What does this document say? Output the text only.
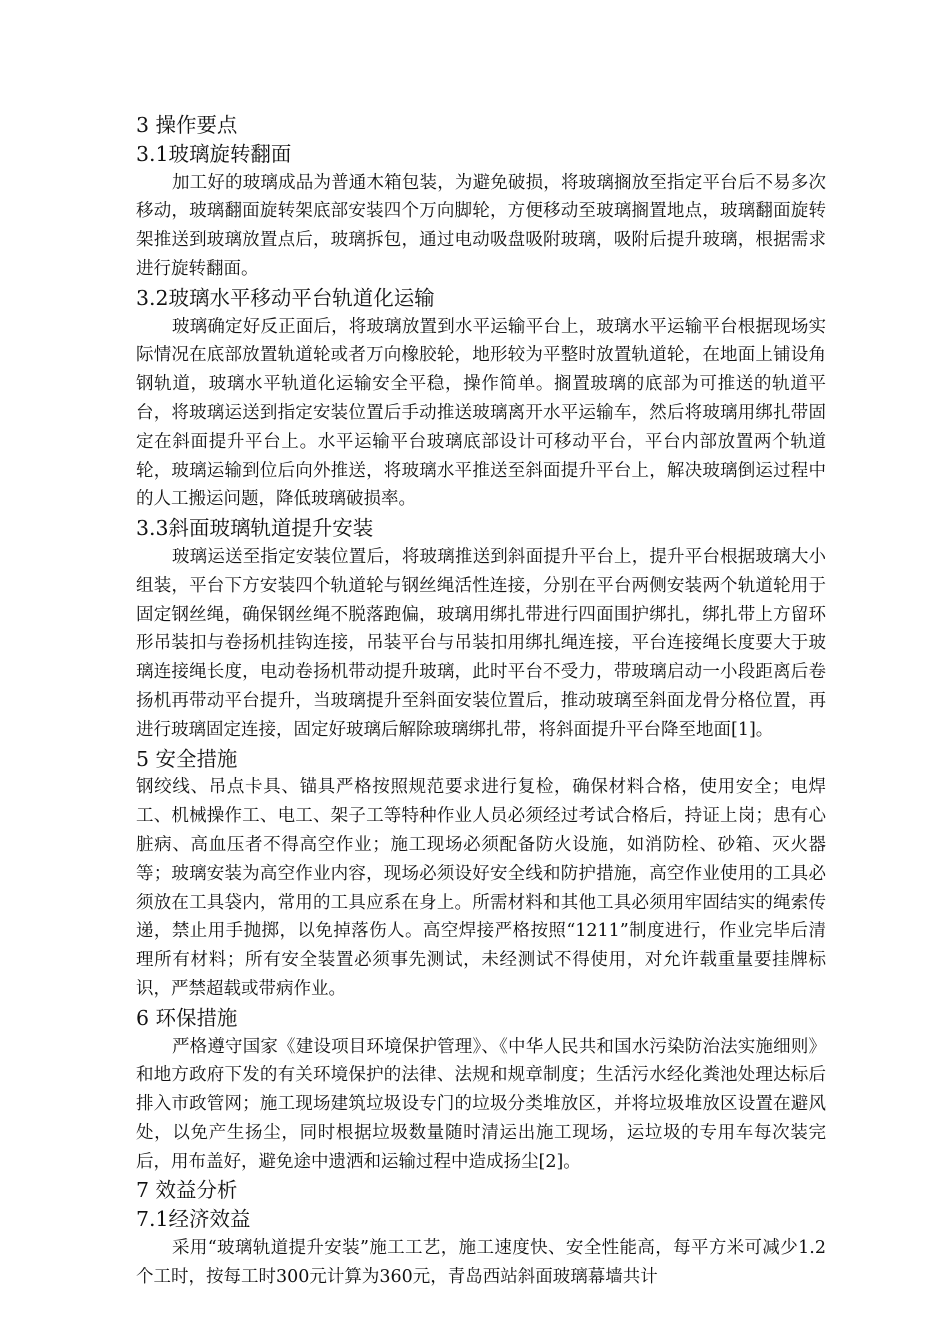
3 操作要点
3.1玻璃旋转翻面

加工好的玻璃成品为普通木箱包装，为避免破损，将玻璃搁放至指定平台后不易多次移动，玻璃翻面旋转架底部安装四个万向脚轮，方便移动至玻璃搁置地点，玻璃翻面旋转架推送到玻璃放置点后，玻璃拆包，通过电动吸盘吸附玻璃，吸附后提升玻璃，根据需求进行旋转翻面。

3.2玻璃水平移动平台轨道化运输

玻璃确定好反正面后，将玻璃放置到水平运输平台上，玻璃水平运输平台根据现场实际情况在底部放置轨道轮或者万向橡胶轮，地形较为平整时放置轨道轮，在地面上铺设角钢轨道，玻璃水平轨道化运输安全平稳，操作简单。搁置玻璃的底部为可推送的轨道平台，将玻璃运送到指定安装位置后手动推送玻璃离开水平运输车，然后将玻璃用绑扎带固定在斜面提升平台上。水平运输平台玻璃底部设计可移动平台，平台内部放置两个轨道轮，玻璃运输到位后向外推送，将玻璃水平推送至斜面提升平台上，解决玻璃倒运过程中的人工搬运问题，降低玻璃破损率。

3.3斜面玻璃轨道提升安装

玻璃运送至指定安装位置后，将玻璃推送到斜面提升平台上，提升平台根据玻璃大小组装，平台下方安装四个轨道轮与钢丝绳活性连接，分别在平台两侧安装两个轨道轮用于固定钢丝绳，确保钢丝绳不脱落跑偏，玻璃用绑扎带进行四面围护绑扎，绑扎带上方留环形吊装扣与卷扬机挂钩连接，吊装平台与吊装扣用绑扎绳连接，平台连接绳长度要大于玻璃连接绳长度，电动卷扬机带动提升玻璃，此时平台不受力，带玻璃启动一小段距离后卷扬机再带动平台提升，当玻璃提升至斜面安装位置后，推动玻璃至斜面龙骨分格位置，再进行玻璃固定连接，固定好玻璃后解除玻璃绑扎带，将斜面提升平台降至地面[1]。

5 安全措施

钢绞线、吊点卡具、锚具严格按照规范要求进行复检，确保材料合格，使用安全；电焊工、机械操作工、电工、架子工等特种作业人员必须经过考试合格后，持证上岗；患有心脏病、高血压者不得高空作业；施工现场必须配备防火设施，如消防栓、砂箱、灭火器等；玻璃安装为高空作业内容，现场必须设好安全线和防护措施，高空作业使用的工具必须放在工具袋内，常用的工具应系在身上。所需材料和其他工具必须用牢固结实的绳索传递，禁止用手抛掷，以免掉落伤人。高空焊接严格按照“1211”制度进行，作业完毕后清理所有材料；所有安全装置必须事先测试，未经测试不得使用，对允许载重量要挂牌标识，严禁超载或带病作业。

6 环保措施

严格遵守国家《建设项目环境保护管理》、《中华人民共和国水污染防治法实施细则》和地方政府下发的有关环境保护的法律、法规和规章制度；生活污水经化粪池处理达标后排入市政管网；施工现场建筑垃圾设专门的垃圾分类堆放区，并将垃圾堆放区设置在避风处，以免产生扬尘，同时根据垃圾数量随时清运出施工现场，运垃圾的专用车每次装完后，用布盖好，避免途中遗洒和运输过程中造成扬尘[2]。

7 效益分析
7.1经济效益

采用“玻璃轨道提升安装”施工工艺，施工速度快、安全性能高，每平方米可减少1.2个工时，按每工时300元计算为360元，青岛西站斜面玻璃幕墙共计
